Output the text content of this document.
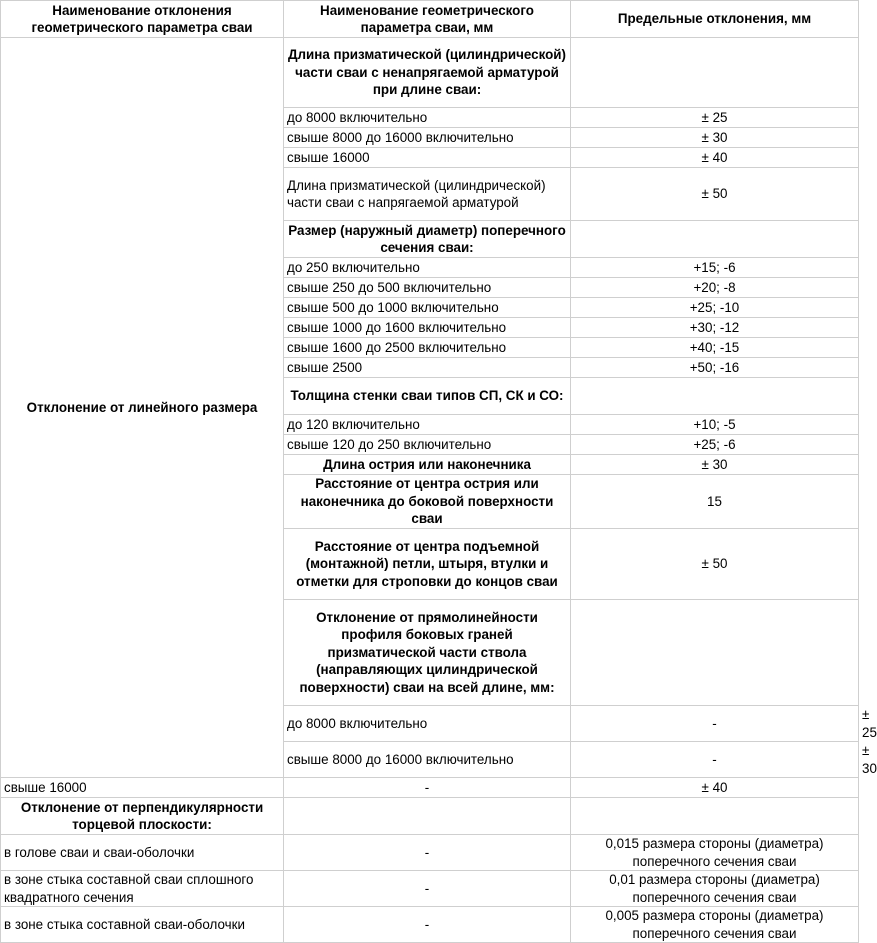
Наименование отклонения геометрического параметра сваи	Наименование геометрического параметра сваи, мм	Предельные отклонения, мм	
Отклонение от линейного размера	Длина призматической (цилиндрической) части сваи с ненапрягаемой арматурой при длине сваи:		
	до 8000 включительно	± 25	
	свыше 8000 до 16000 включительно	± 30	
	свыше 16000	± 40	
	Длина призматической (цилиндрической) части сваи с напрягаемой арматурой	± 50	
	Размер (наружный диаметр) поперечного сечения сваи:		
	до 250 включительно	+15; -6	
	свыше 250 до 500 включительно	+20; -8	
	свыше 500 до 1000 включительно	+25; -10	
	свыше 1000 до 1600 включительно	+30; -12	
	свыше 1600 до 2500 включительно	+40; -15	
	свыше 2500	+50; -16	
	Толщина стенки сваи типов СП, СК и СО:		
	до 120 включительно	+10; -5	
	свыше 120 до 250 включительно	+25; -6	
	Длина острия или наконечника	± 30	
	Расстояние от центра острия или наконечника до боковой поверхности сваи	15	
	Расстояние от центра подъемной (монтажной) петли, штыря, втулки и отметки для строповки до концов сваи	± 50	
	Отклонение от прямолинейности профиля боковых граней призматической части ствола (направляющих цилиндрической поверхности) сваи на всей длине, мм:		
	до 8000 включительно	-	± 25
	свыше 8000 до 16000 включительно	-	± 30
свыше 16000	-	± 40	
Отклонение от перпендикулярности торцевой плоскости:			
в голове сваи и сваи-оболочки	-	0,015 размера стороны (диаметра) поперечного сечения сваи	
в зоне стыка составной сваи сплошного квадратного сечения	-	0,01 размера стороны (диаметра) поперечного сечения сваи	
в зоне стыка составной сваи-оболочки	-	0,005 размера стороны (диаметра) поперечного сечения сваи	
